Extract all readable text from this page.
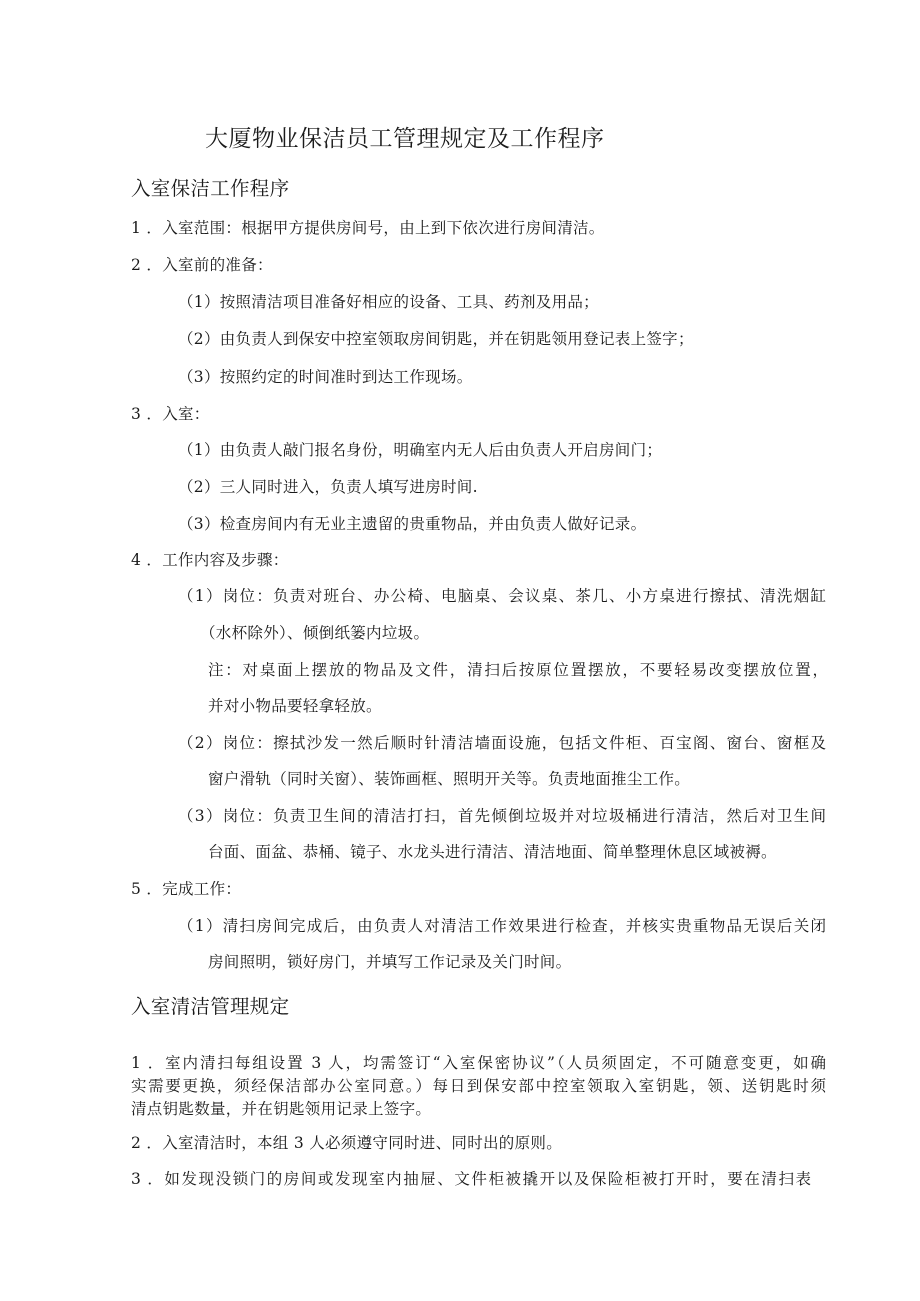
大厦物业保洁员工管理规定及工作程序
入室保洁工作程序
1 ．入室范围：根据甲方提供房间号，由上到下依次进行房间清洁。
2 ．入室前的准备：
（1）按照清洁项目准备好相应的设备、工具、药剂及用品；
（2）由负责人到保安中控室领取房间钥匙，并在钥匙领用登记表上签字；
（3）按照约定的时间准时到达工作现场。
3 ．入室：
（1）由负责人敲门报名身份，明确室内无人后由负责人开启房间门；
（2）三人同时进入，负责人填写进房时间.
（3）检查房间内有无业主遗留的贵重物品，并由负责人做好记录。
4 ．工作内容及步骤：
（1）岗位：负责对班台、办公椅、电脑桌、会议桌、茶几、小方桌进行擦拭、清洗烟缸
（水杯除外）、倾倒纸篓内垃圾。
注：对桌面上摆放的物品及文件，清扫后按原位置摆放，不要轻易改变摆放位置，
并对小物品要轻拿轻放。
（2）岗位：擦拭沙发一然后顺时针清洁墙面设施，包括文件柜、百宝阁、窗台、窗框及
窗户滑轨（同时关窗）、装饰画框、照明开关等。负责地面推尘工作。
（3）岗位：负责卫生间的清洁打扫，首先倾倒垃圾并对垃圾桶进行清洁，然后对卫生间
台面、面盆、恭桶、镜子、水龙头进行清洁、清洁地面、简单整理休息区域被褥。
5 ．完成工作：
（1）清扫房间完成后，由负责人对清洁工作效果进行检查，并核实贵重物品无误后关闭
房间照明，锁好房门，并填写工作记录及关门时间。
入室清洁管理规定
1 ．室内清扫每组设置 3 人，均需签订“入室保密协议”（人员须固定，不可随意变更，如确
实需要更换，须经保洁部办公室同意。）每日到保安部中控室领取入室钥匙，领、送钥匙时须
清点钥匙数量，并在钥匙领用记录上签字。
2 ．入室清洁时，本组 3 人必须遵守同时进、同时出的原则。
3 ．如发现没锁门的房间或发现室内抽屉、文件柜被撬开以及保险柜被打开时，要在清扫表
